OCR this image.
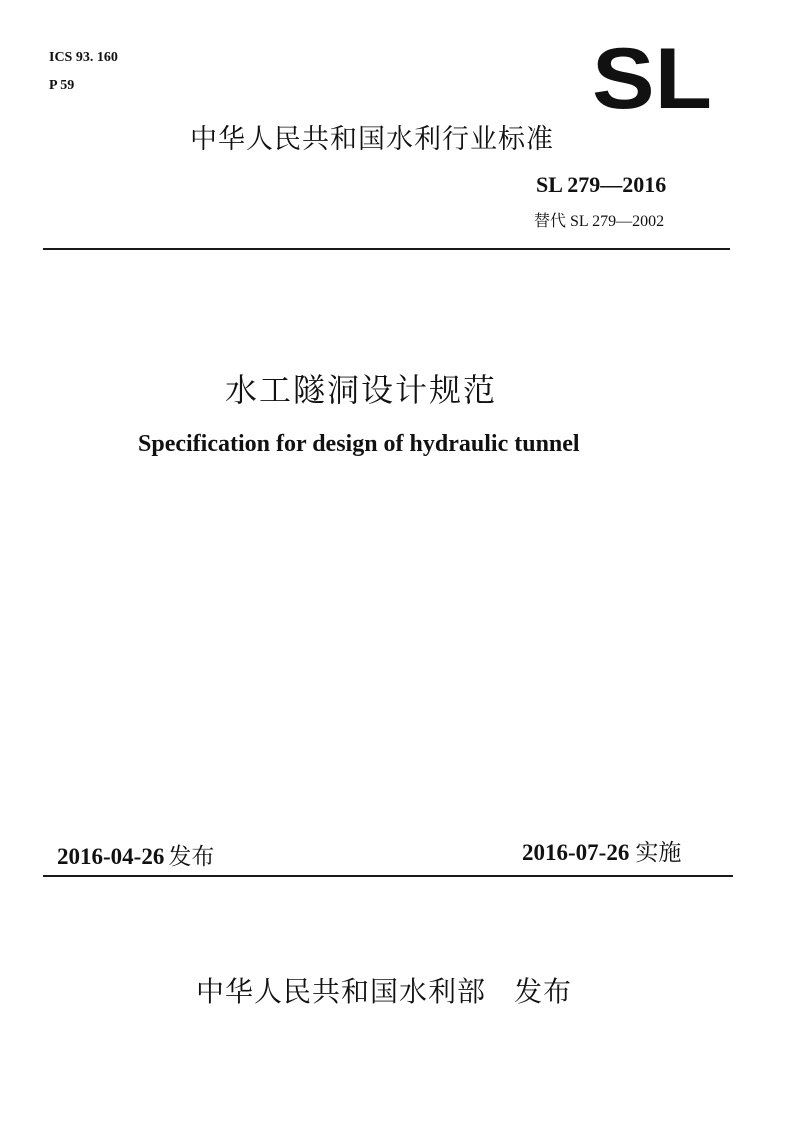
ICS 93. 160
P 59	SL
中华人民共和国水利行业标准
SL 279—2016
替代 SL 279—2002
水工隧洞设计规范
Specification for design of hydraulic tunnel
2016-04-26 发布	2016-07-26 实施
中华人民共和国水利部 发布
